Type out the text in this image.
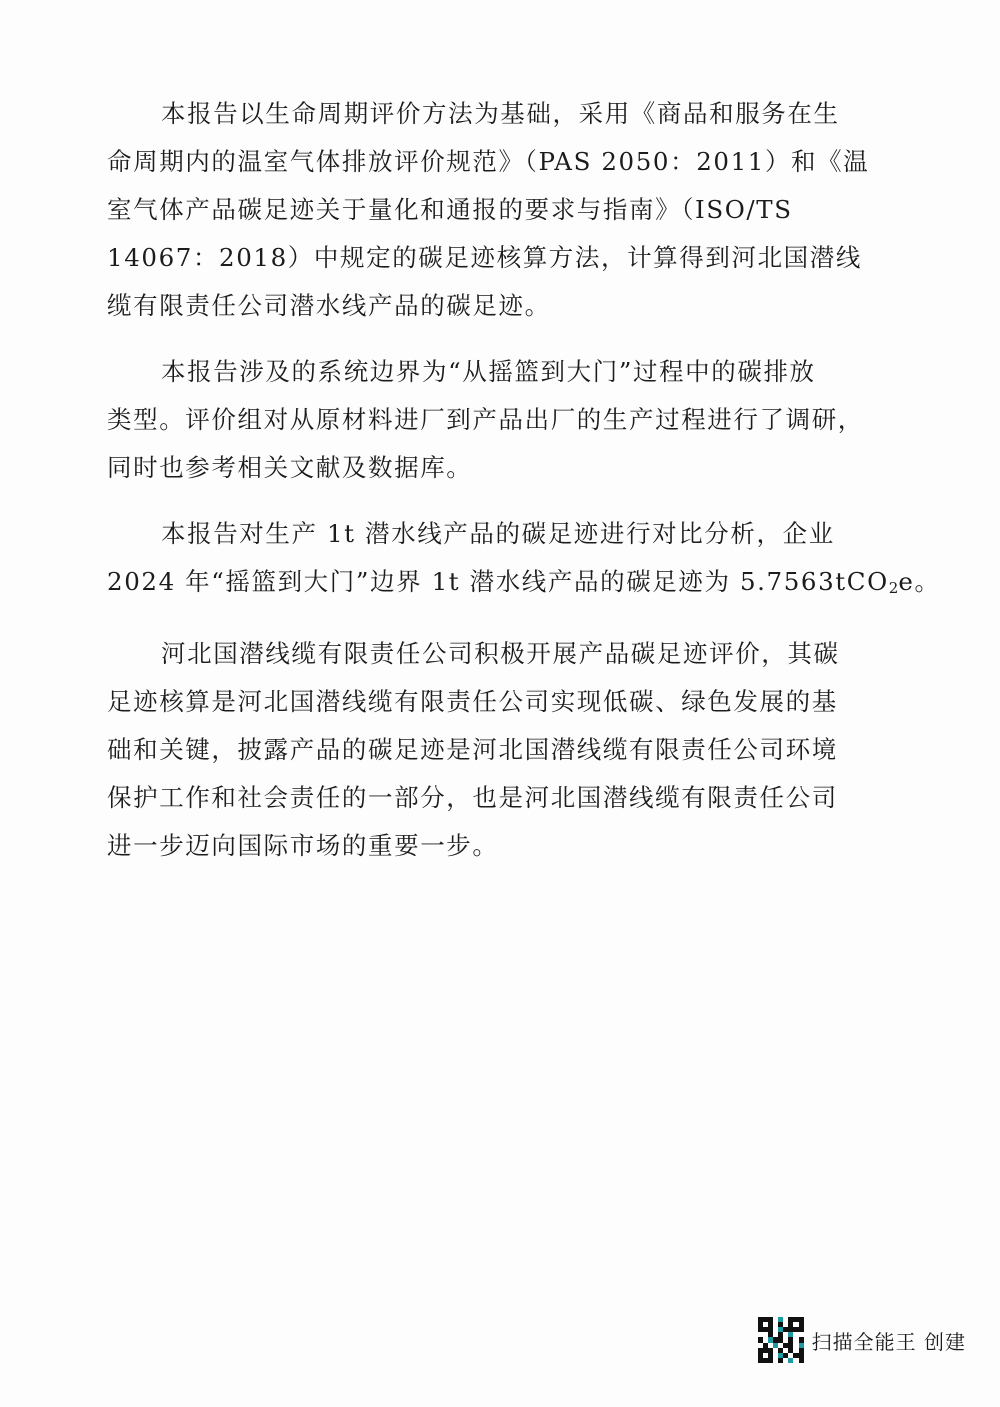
本报告以生命周期评价方法为基础，采用《商品和服务在生
命周期内的温室气体排放评价规范》（PAS 2050：2011）和《温
室气体产品碳足迹关于量化和通报的要求与指南》（ISO/TS
14067：2018）中规定的碳足迹核算方法，计算得到河北国潜线
缆有限责任公司潜水线产品的碳足迹。

本报告涉及的系统边界为“从摇篮到大门”过程中的碳排放
类型。评价组对从原材料进厂到产品出厂的生产过程进行了调研，
同时也参考相关文献及数据库。

本报告对生产 1t 潜水线产品的碳足迹进行对比分析，企业
2024 年“摇篮到大门”边界 1t 潜水线产品的碳足迹为 5.7563tCO$_2$e。

河北国潜线缆有限责任公司积极开展产品碳足迹评价，其碳
足迹核算是河北国潜线缆有限责任公司实现低碳、绿色发展的基
础和关键，披露产品的碳足迹是河北国潜线缆有限责任公司环境
保护工作和社会责任的一部分，也是河北国潜线缆有限责任公司
进一步迈向国际市场的重要一步。

扫描全能王 创建
